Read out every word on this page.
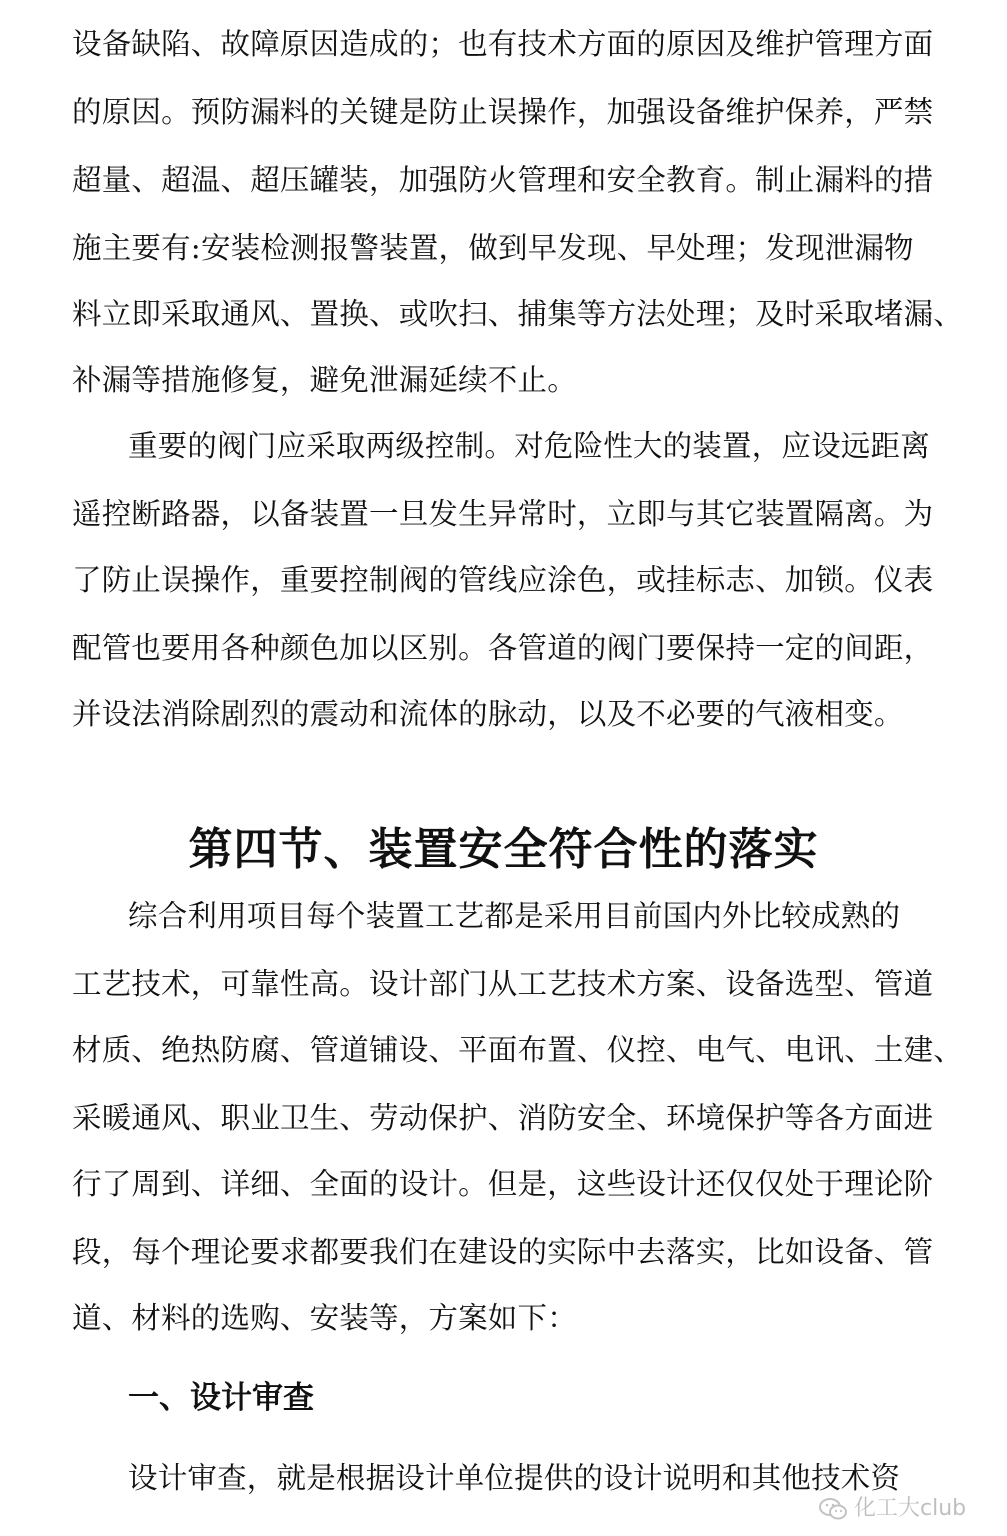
设备缺陷、故障原因造成的；也有技术方面的原因及维护管理方面
的原因。预防漏料的关键是防止误操作，加强设备维护保养，严禁
超量、超温、超压罐装，加强防火管理和安全教育。制止漏料的措
施主要有:安装检测报警装置，做到早发现、早处理；发现泄漏物
料立即采取通风、置换、或吹扫、捕集等方法处理；及时采取堵漏、
补漏等措施修复，避免泄漏延续不止。
重要的阀门应采取两级控制。对危险性大的装置，应设远距离
遥控断路器，以备装置一旦发生异常时，立即与其它装置隔离。为
了防止误操作，重要控制阀的管线应涂色，或挂标志、加锁。仪表
配管也要用各种颜色加以区别。各管道的阀门要保持一定的间距，
并设法消除剧烈的震动和流体的脉动，以及不必要的气液相变。
第四节、装置安全符合性的落实
综合利用项目每个装置工艺都是采用目前国内外比较成熟的
工艺技术，可靠性高。设计部门从工艺技术方案、设备选型、管道
材质、绝热防腐、管道铺设、平面布置、仪控、电气、电讯、土建、
采暖通风、职业卫生、劳动保护、消防安全、环境保护等各方面进
行了周到、详细、全面的设计。但是，这些设计还仅仅处于理论阶
段，每个理论要求都要我们在建设的实际中去落实，比如设备、管
道、材料的选购、安装等，方案如下：
一、设计审查
设计审查，就是根据设计单位提供的设计说明和其他技术资
化工大club
